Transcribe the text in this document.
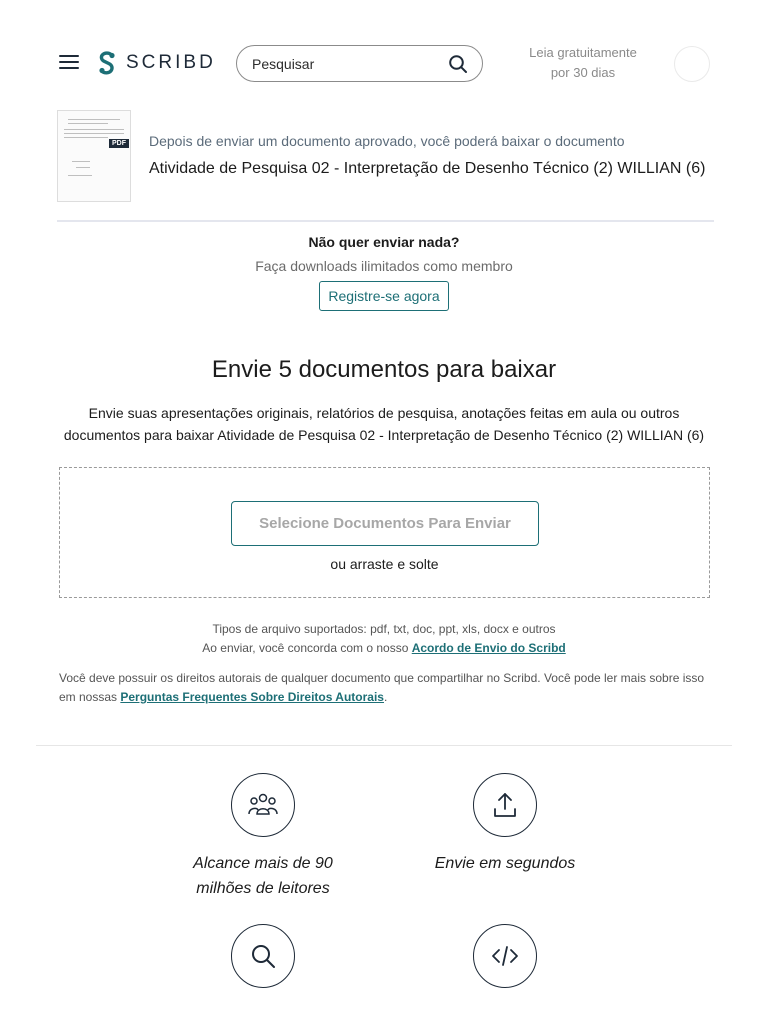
SCRIBD
Pesquisar	Leia gratuitamente
por 30 dias
PDF Depois de enviar um documento aprovado, você poderá baixar o documento
Atividade de Pesquisa 02 - Interpretação de Desenho Técnico (2) WILLIAN (6)
Não quer enviar nada?
Faça downloads ilimitados como membro
Registre-se agora
Envie 5 documentos para baixar
Envie suas apresentações originais, relatórios de pesquisa, anotações feitas em aula ou outros documentos para baixar Atividade de Pesquisa 02 - Interpretação de Desenho Técnico (2) WILLIAN (6)
Selecione Documentos Para Enviar
ou arraste e solte
Tipos de arquivo suportados: pdf, txt, doc, ppt, xls, docx e outros
Ao enviar, você concorda com o nosso Acordo de Envio do Scribd
Você deve possuir os direitos autorais de qualquer documento que compartilhar no Scribd. Você pode ler mais sobre isso em nossas Perguntas Frequentes Sobre Direitos Autorais.
Alcance mais de 90 milhões de leitores
Envie em segundos
